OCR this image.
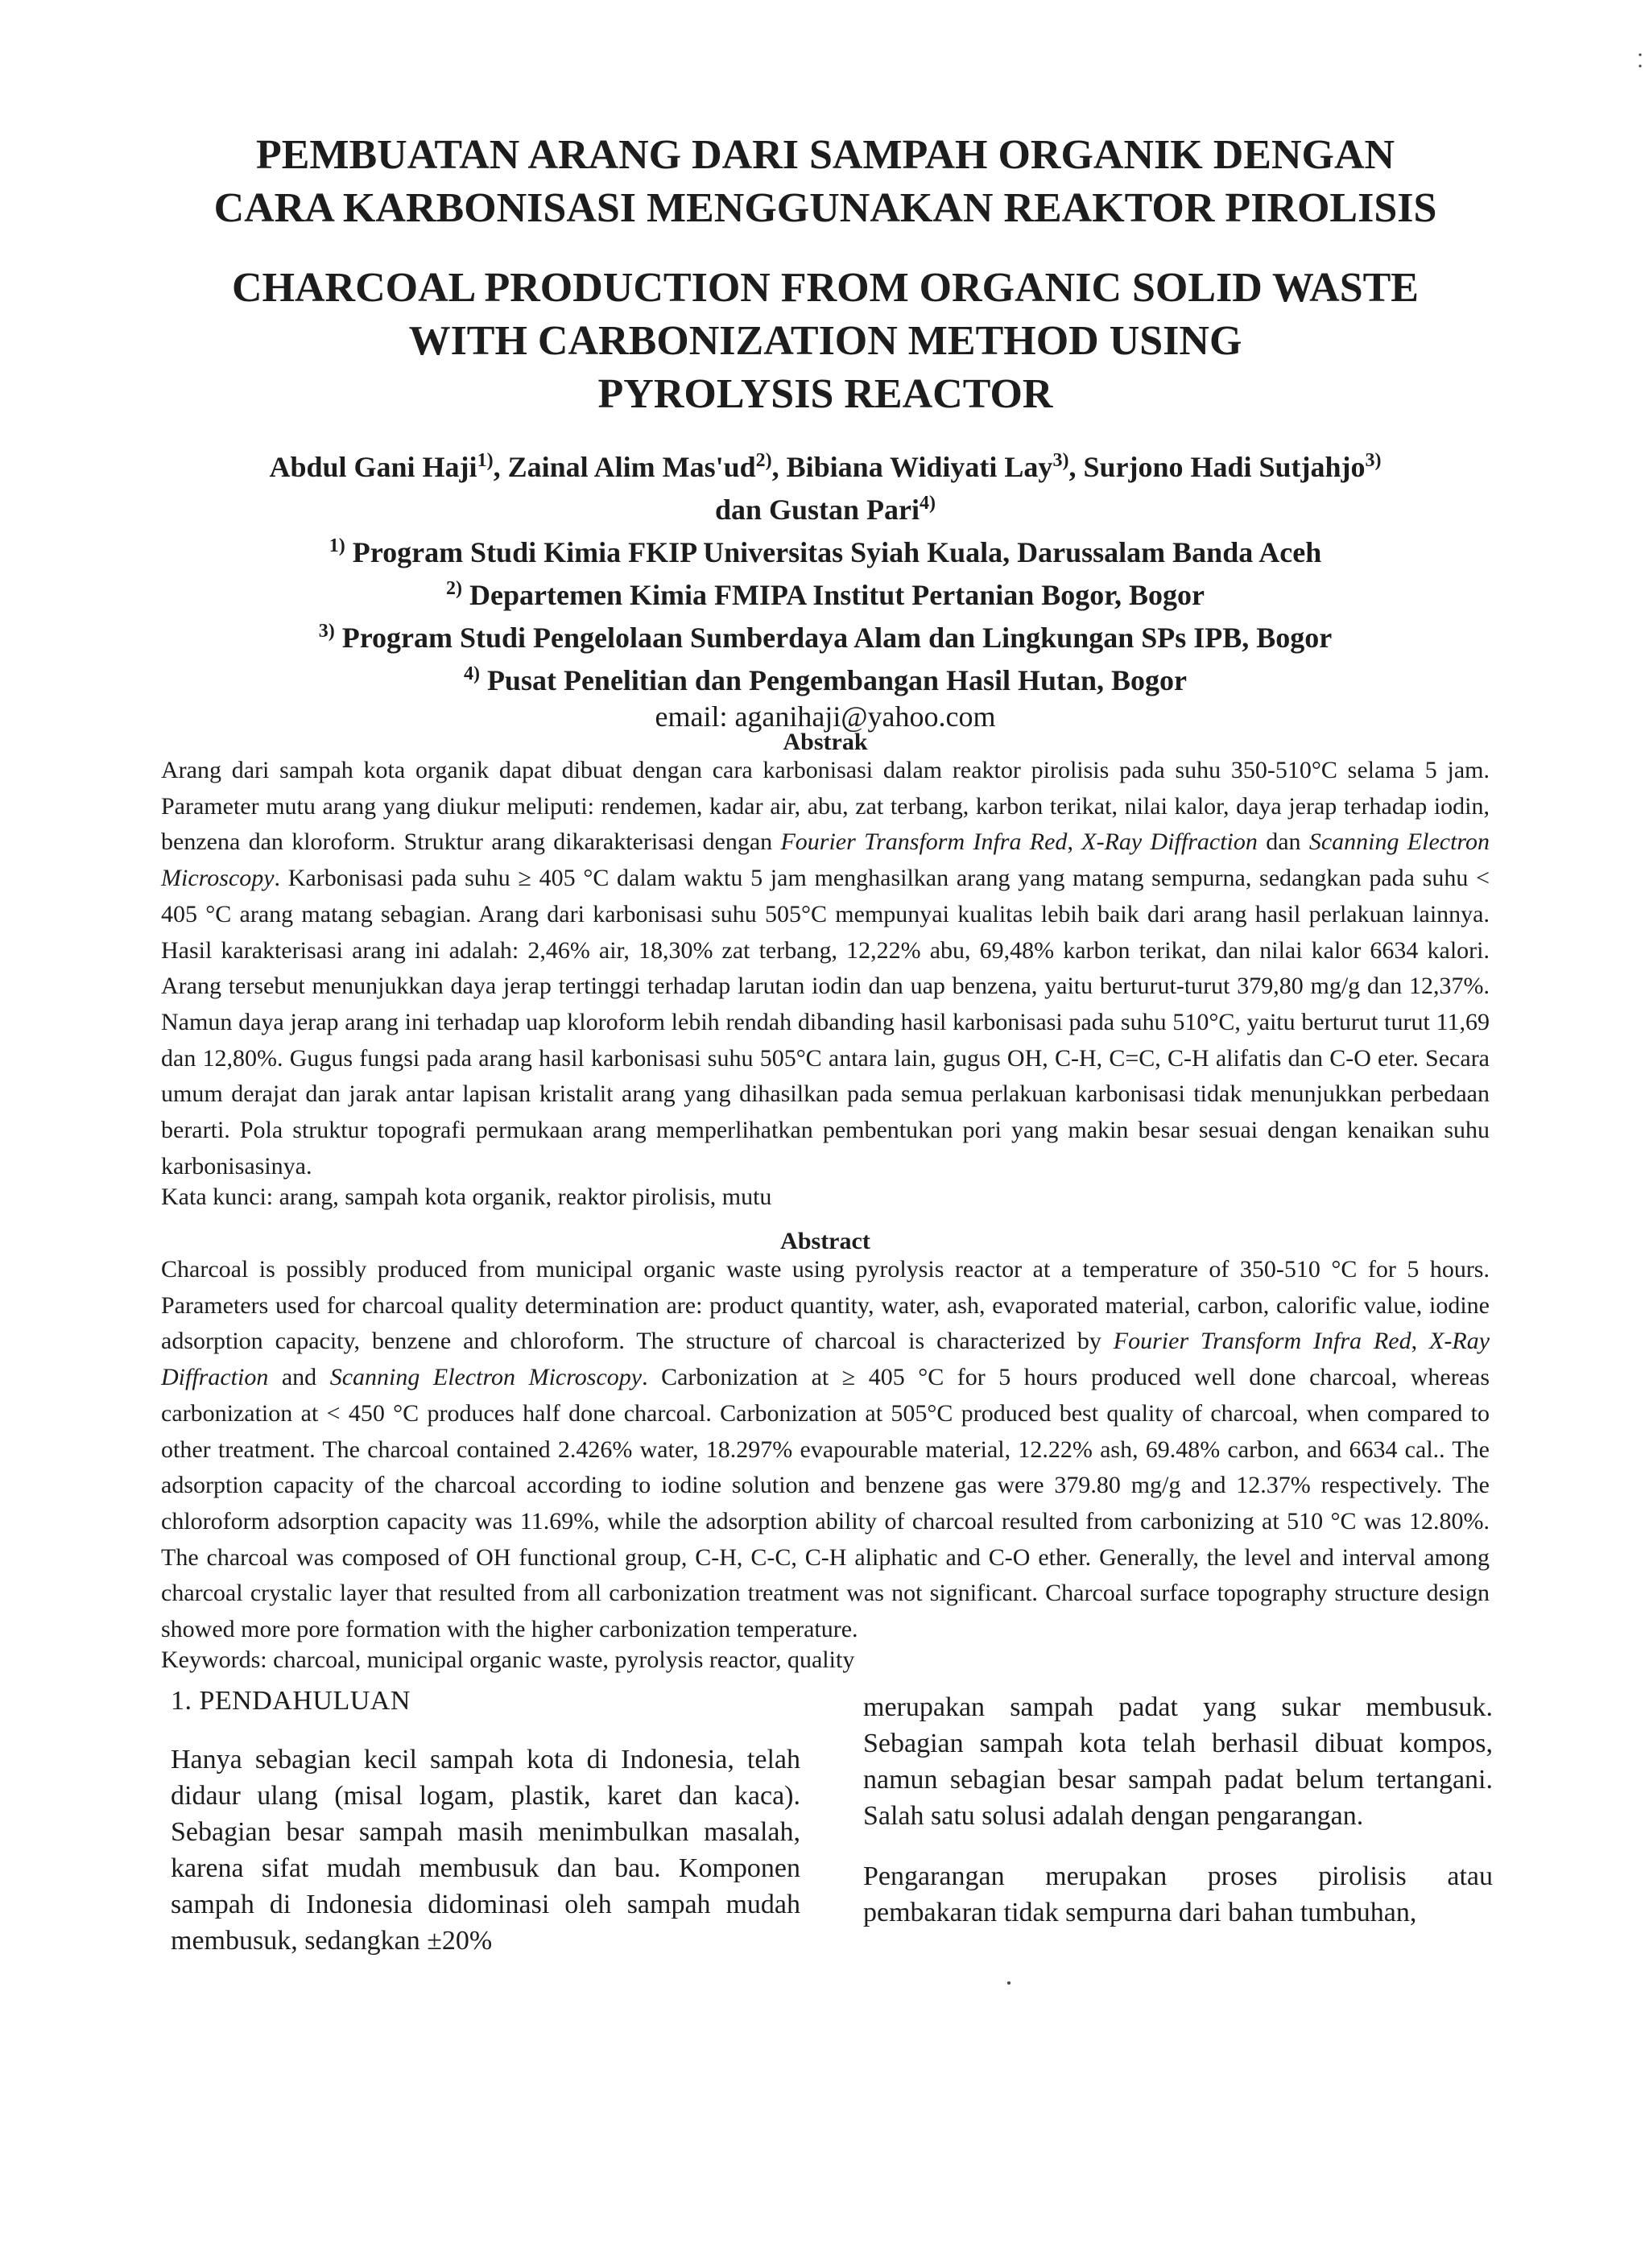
PEMBUATAN ARANG DARI SAMPAH ORGANIK DENGAN
CARA KARBONISASI MENGGUNAKAN REAKTOR PIROLISIS
CHARCOAL PRODUCTION FROM ORGANIC SOLID WASTE
WITH CARBONIZATION METHOD USING
PYROLYSIS REACTOR
Abdul Gani Haji$^{1)}$, Zainal Alim $Mas'ud^{2)}$, Bibiana Widiyati Lay$^{3)}$, Surjono Hadi Sutjahjo$^{3)}$
dan Gustan Pari$^{4)}$
$^{1)}$ Program Studi Kimia FKIP Universitas Syiah Kuala, Darussalam Banda Aceh
$^{2)}$ Departemen Kimia FMIPA Institut Pertanian Bogor, Bogor
$^{3)}$ Program Studi Pengelolaan Sumberdaya Alam dan Lingkungan SPs IPB, Bogor
$^{4)}$ Pusat Penelitian dan Pengembangan Hasil Hutan, Bogor
email: aganihaji@yahoo.com
Abstrak
Arang dari sampah kota organik dapat dibuat dengan cara karbonisasi dalam reaktor pirolisis pada suhu 350-510°C selama 5 jam. Parameter mutu arang yang diukur meliputi: rendemen, kadar air, abu, zat terbang, karbon terikat, nilai kalor, daya jerap terhadap iodin, benzena dan kloroform. Struktur arang dikarakterisasi dengan Fourier Transform Infra Red, X-Ray Diffraction dan Scanning Electron Microscopy. Karbonisasi pada suhu ≥ 405 °C dalam waktu 5 jam menghasilkan arang yang matang sempurna, sedangkan pada suhu < 405 °C arang matang sebagian. Arang dari karbonisasi suhu 505°C mempunyai kualitas lebih baik dari arang hasil perlakuan lainnya. Hasil karakterisasi arang ini adalah: 2,46% air, 18,30% zat terbang, 12,22% abu, 69,48% karbon terikat, dan nilai kalor 6634 kalori. Arang tersebut menunjukkan daya jerap tertinggi terhadap larutan iodin dan uap benzena, yaitu berturut-turut 379,80 mg/g dan 12,37%. Namun daya jerap arang ini terhadap uap kloroform lebih rendah dibanding hasil karbonisasi pada suhu 510°C, yaitu berturut turut 11,69 dan 12,80%. Gugus fungsi pada arang hasil karbonisasi suhu 505°C antara lain, gugus OH, C-H, C=C, C-H alifatis dan C-O eter. Secara umum derajat dan jarak antar lapisan kristalit arang yang dihasilkan pada semua perlakuan karbonisasi tidak menunjukkan perbedaan berarti. Pola struktur topografi permukaan arang memperlihatkan pembentukan pori yang makin besar sesuai dengan kenaikan suhu karbonisasinya.
Kata kunci: arang, sampah kota organik, reaktor pirolisis, mutu
Abstract
Charcoal is possibly produced from municipal organic waste using pyrolysis reactor at a temperature of 350-510 °C for 5 hours. Parameters used for charcoal quality determination are: product quantity, water, ash, evaporated material, carbon, calorific value, iodine adsorption capacity, benzene and chloroform. The structure of charcoal is characterized by Fourier Transform Infra Red, X-Ray Diffraction and Scanning Electron Microscopy. Carbonization at ≥ 405 °C for 5 hours produced well done charcoal, whereas carbonization at < 450 °C produces half done charcoal. Carbonization at 505°C produced best quality of charcoal, when compared to other treatment. The charcoal contained 2.426% water, 18.297% evapourable material, 12.22% ash, 69.48% carbon, and 6634 cal.. The adsorption capacity of the charcoal according to iodine solution and benzene gas were 379.80 mg/g and 12.37% respectively. The chloroform adsorption capacity was 11.69%, while the adsorption ability of charcoal resulted from carbonizing at 510 °C was 12.80%. The charcoal was composed of OH functional group, C-H, C-C, C-H aliphatic and C-O ether. Generally, the level and interval among charcoal crystalic layer that resulted from all carbonization treatment was not significant. Charcoal surface topography structure design showed more pore formation with the higher carbonization temperature.
Keywords: charcoal, municipal organic waste, pyrolysis reactor, quality
1. PENDAHULUAN

Hanya sebagian kecil sampah kota di Indonesia, telah didaur ulang (misal logam, plastik, karet dan kaca). Sebagian besar sampah masih menimbulkan masalah, karena sifat mudah membusuk dan bau. Komponen sampah di Indonesia didominasi oleh sampah mudah membusuk, sedangkan ±20%

merupakan sampah padat yang sukar membusuk. Sebagian sampah kota telah berhasil dibuat kompos, namun sebagian besar sampah padat belum tertangani. Salah satu solusi adalah dengan pengarangan.

Pengarangan merupakan proses pirolisis atau pembakaran tidak sempurna dari bahan tumbuhan,
